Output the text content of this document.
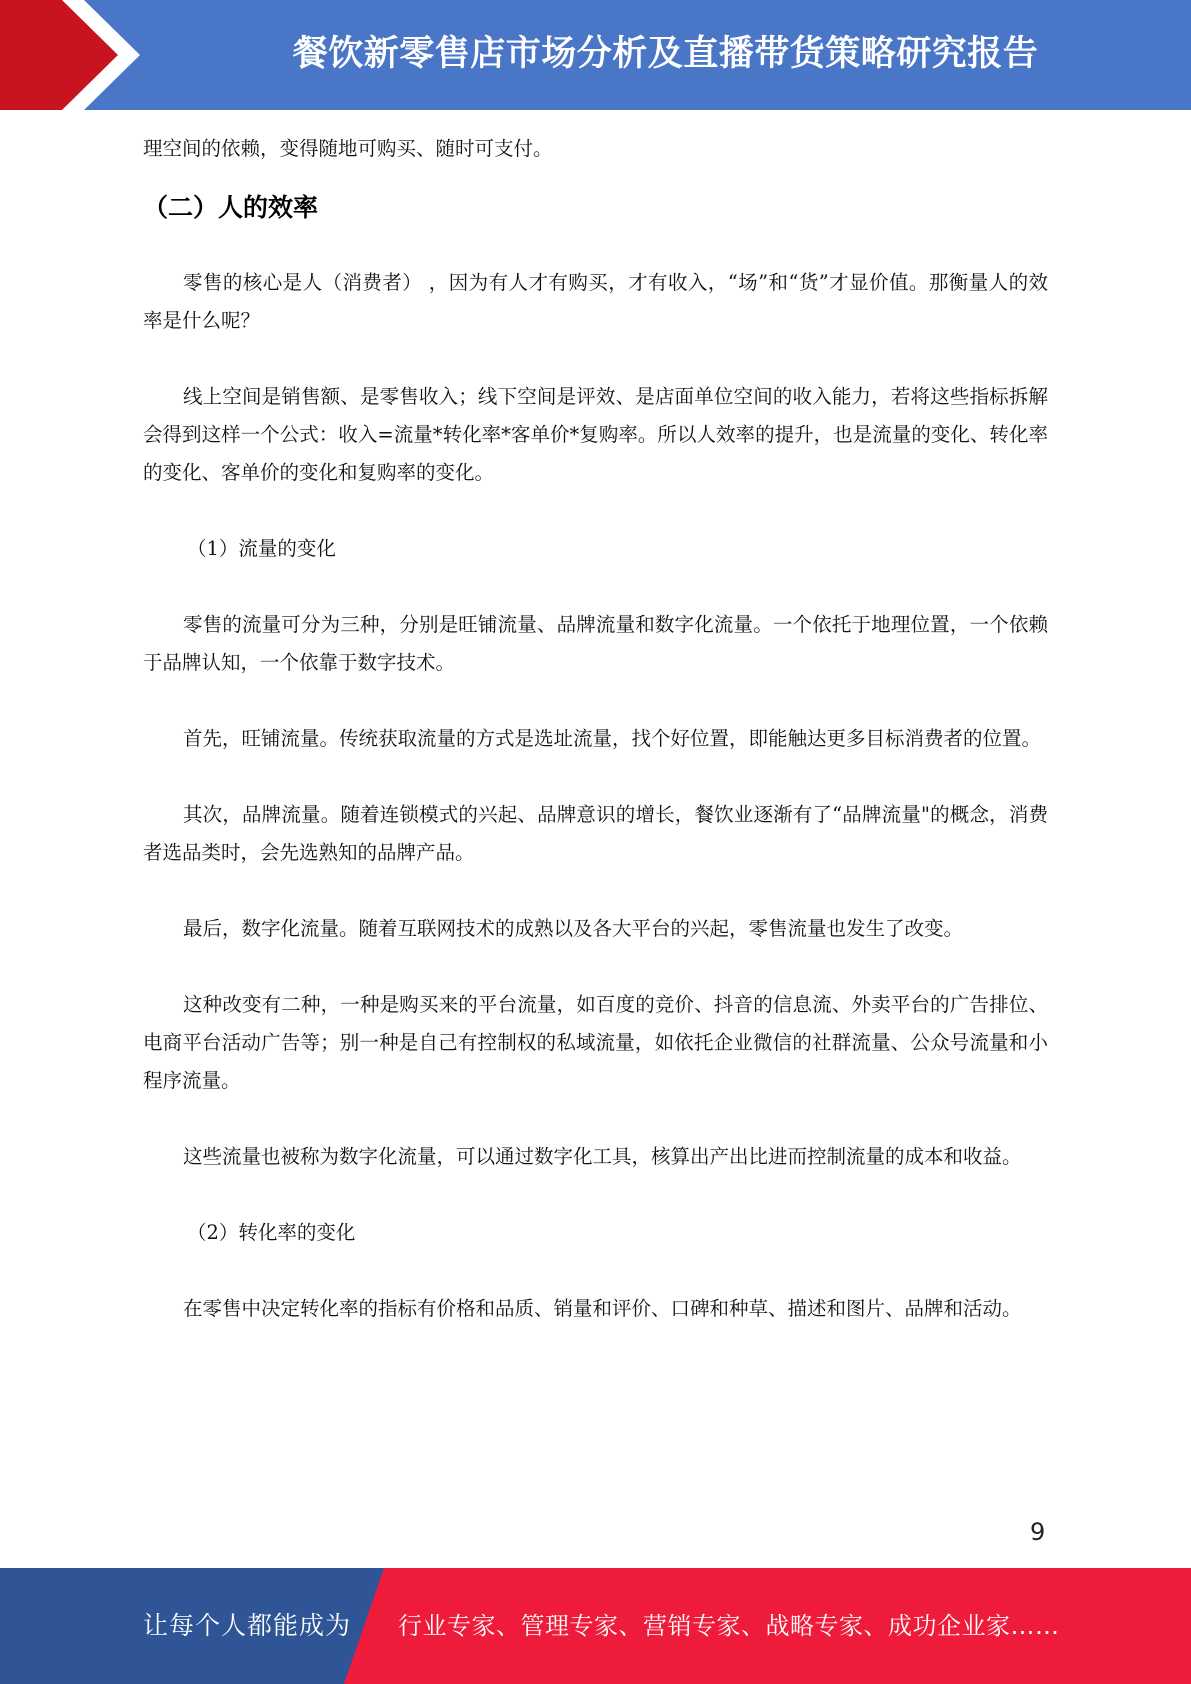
餐饮新零售店市场分析及直播带货策略研究报告

理空间的依赖，变得随地可购买、随时可支付。

（二）人的效率

零售的核心是人（消费者） ，因为有人才有购买，才有收入，“场”和“货”才显价值。那衡量人的效率是什么呢？

线上空间是销售额、是零售收入；线下空间是评效、是店面单位空间的收入能力，若将这些指标拆解会得到这样一个公式：收入=流量*转化率*客单价*复购率。所以人效率的提升，也是流量的变化、转化率的变化、客单价的变化和复购率的变化。

（1）流量的变化

零售的流量可分为三种，分别是旺铺流量、品牌流量和数字化流量。一个依托于地理位置，一个依赖于品牌认知，一个依靠于数字技术。

首先，旺铺流量。传统获取流量的方式是选址流量，找个好位置，即能触达更多目标消费者的位置。

其次，品牌流量。随着连锁模式的兴起、品牌意识的增长，餐饮业逐渐有了“品牌流量"的概念，消费者选品类时，会先选熟知的品牌产品。

最后，数字化流量。随着互联网技术的成熟以及各大平台的兴起，零售流量也发生了改变。

这种改变有二种，一种是购买来的平台流量，如百度的竞价、抖音的信息流、外卖平台的广告排位、电商平台活动广告等；别一种是自己有控制权的私域流量，如依托企业微信的社群流量、公众号流量和小程序流量。

这些流量也被称为数字化流量，可以通过数字化工具，核算出产出比进而控制流量的成本和收益。

（2）转化率的变化

在零售中决定转化率的指标有价格和品质、销量和评价、口碑和种草、描述和图片、品牌和活动。

9
让每个人都能成为 行业专家、管理专家、营销专家、战略专家、成功企业家……
